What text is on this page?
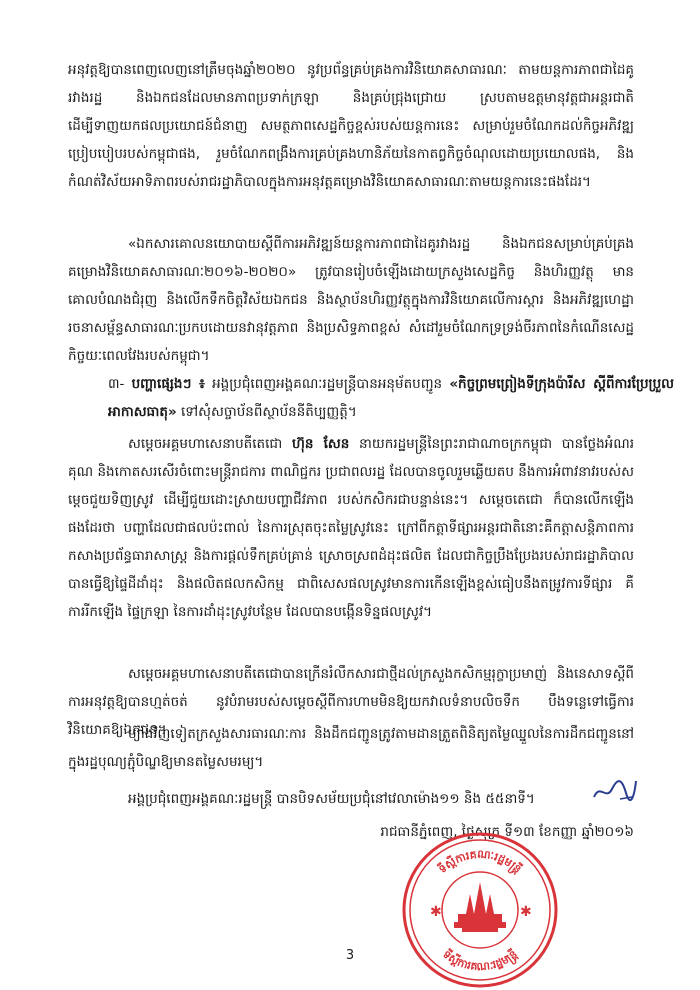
អនុវត្តឱ្យបានពេញលេញនៅត្រឹមចុងឆ្នាំ២០២០ នូវប្រព័ន្ធគ្រប់គ្រងការវិនិយោគសាធារណៈ តាមយន្តការភាពជាដៃគូរវាងរដ្ឋ និងឯកជនដែលមានភាពប្រទាក់ក្រឡា និងគ្រប់ជ្រុងជ្រោយ ស្របតាមឧត្តមានុវត្តជាអន្តរជាតិ ដើម្បីទាញយកផលប្រយោជន៍ជំនាញ សមត្ថភាពសេដ្ឋកិច្ចខ្ពស់របស់យន្តការនេះ សម្រាប់រួមចំណែកដល់កិច្ចអភិវឌ្ឍប្រៀបបៀបរបស់កម្ពុជាផង, រួមចំណែកពង្រឹងការគ្រប់គ្រងហានិភ័យនៃកាតព្វកិច្ចចំណុលដោយប្រយោលផង, និងកំណត់វិស័យអាទិភាពរបស់រាជរដ្ឋាភិបាលក្នុងការអនុវត្តគម្រោងវិនិយោគសាធារណៈតាមយន្តការនេះផងដែរ។
«ឯកសារគោលនយោបាយស្តីពីការអភិវឌ្ឍន៍យន្តការភាពជាដៃគូរវាងរដ្ឋ និងឯកជនសម្រាប់គ្រប់គ្រងគម្រោងវិនិយោគសាធារណៈ២០១៦-២០២០» ត្រូវបានរៀបចំឡើងដោយក្រសួងសេដ្ឋកិច្ច និងហិរញ្ញវត្ថុ មានគោលបំណងជំរុញ និងលើកទឹកចិត្តវិស័យឯកជន និងស្ថាប័នហិរញ្ញវត្ថុក្នុងការវិនិយោគលើការស្តារ និងអភិវឌ្ឍហេដ្ឋារចនាសម្ព័ន្ធសាធារណៈប្រកបដោយនវានុវត្តភាព និងប្រសិទ្ធភាពខ្ពស់ សំដៅរួមចំណែកទ្រទ្រង់ចីរភាពនៃកំណើនសេដ្ឋកិច្ចយៈពេលវែងរបស់កម្ពុជា។
៣- បញ្ហាផ្សេងៗ ៖ អង្គប្រជុំពេញអង្គគណៈរដ្ឋមន្ត្រីបានអនុម័តបញ្ជូន «កិច្ចព្រមព្រៀងទីក្រុងប៉ារីស ស្តីពីការប្រែប្រួលអាកាសធាតុ» ទៅសុំសច្ចាប័នពីស្ថាប័ននីតិប្បញ្ញត្តិ។
សម្តេចអគ្គមហាសេនាបតីតេជោ ហ៊ុន សែន នាយករដ្ឋមន្ត្រីនៃព្រះរាជាណាចក្រកម្ពុជា បានថ្លែងអំណរគុណ និងកោតសរសើរចំពោះមន្ត្រីរាជការ ពាណិជ្ជករ ប្រជាពលរដ្ឋ ដែលបានចូលរួមឆ្លើយតប នឹងការអំពាវនាវរបស់សម្តេចជួយទិញស្រូវ ដើម្បីជួយដោះស្រាយបញ្ហាជីវភាព របស់កសិករជាបន្ទាន់នេះ។ សម្តេចតេជោ ក៏បានលើកឡើងផងដែរថា បញ្ហាដែលជាផលប៉ះពាល់ នៃការស្រុតចុះតម្លៃស្រូវនេះ ក្រៅពីកត្តាទីផ្សារអន្តរជាតិនោះគឺកត្តាសន្តិភាពការកសាងប្រព័ន្ធធារាសាស្ត្រ និងការផ្តល់ទឹកគ្រប់គ្រាន់ ស្រោចស្រពដំដុះផលិត ដែលជាកិច្ចប្រឹងប្រែងរបស់រាជរដ្ឋាភិបាល បានធ្វើឱ្យផ្ទៃដីដាំដុះ និងផលិតផលកសិកម្ម ជាពិសេសផលស្រូវមានការកើនឡើងខ្ពស់ធៀបនឹងតម្រូវការទីផ្សារ គឺការរីកឡើង ផ្ទៃក្រឡា នៃការដាំដុះស្រូវបន្ថែម ដែលបានបង្កើនទិន្នផលស្រូវ។
សម្តេចអគ្គមហាសេនាបតីតេជោបានក្រើនរំលឹកសារជាថ្មីដល់ក្រសួងកសិកម្មរុក្ខាប្រមាញ់ និងនេសាទស្តីពីការអនុវត្តឱ្យបានហ្មត់ចត់ នូវបំរាមរបស់សម្តេចស្តីពីការហាមមិនឱ្យយកវាលទំនាបលិចទឹក បឹងទន្លេទៅធ្វើការវិនិយោគឱ្យឯកជន។
ម្យ៉ាងវិញទៀតក្រសួងសារធារណៈការ និងដឹកជញ្ជូនត្រូវតាមដានត្រួតពិនិត្យតម្លៃឈ្នួលនៃការដឹកជញ្ជូននៅក្នុងរដ្ឋបុណ្យភ្ជុំបិណ្ឌឱ្យមានតម្លៃសមរម្យ។
អង្គប្រជុំពេញអង្គគណៈរដ្ឋមន្ត្រី បានបិទសម័យប្រជុំនៅវេលាម៉ោង១១ និង ៥៥នាទី។
រាជធានីភ្នំពេញ, ថ្ងៃសុក្រ ទី១៣ ខែកញ្ញា ឆ្នាំ២០១៦
ទីស្តីការគណៈរដ្ឋមន្ត្រី
ទីស្តីការគណៈរដ្ឋមន្ត្រី
✱	✱
3
